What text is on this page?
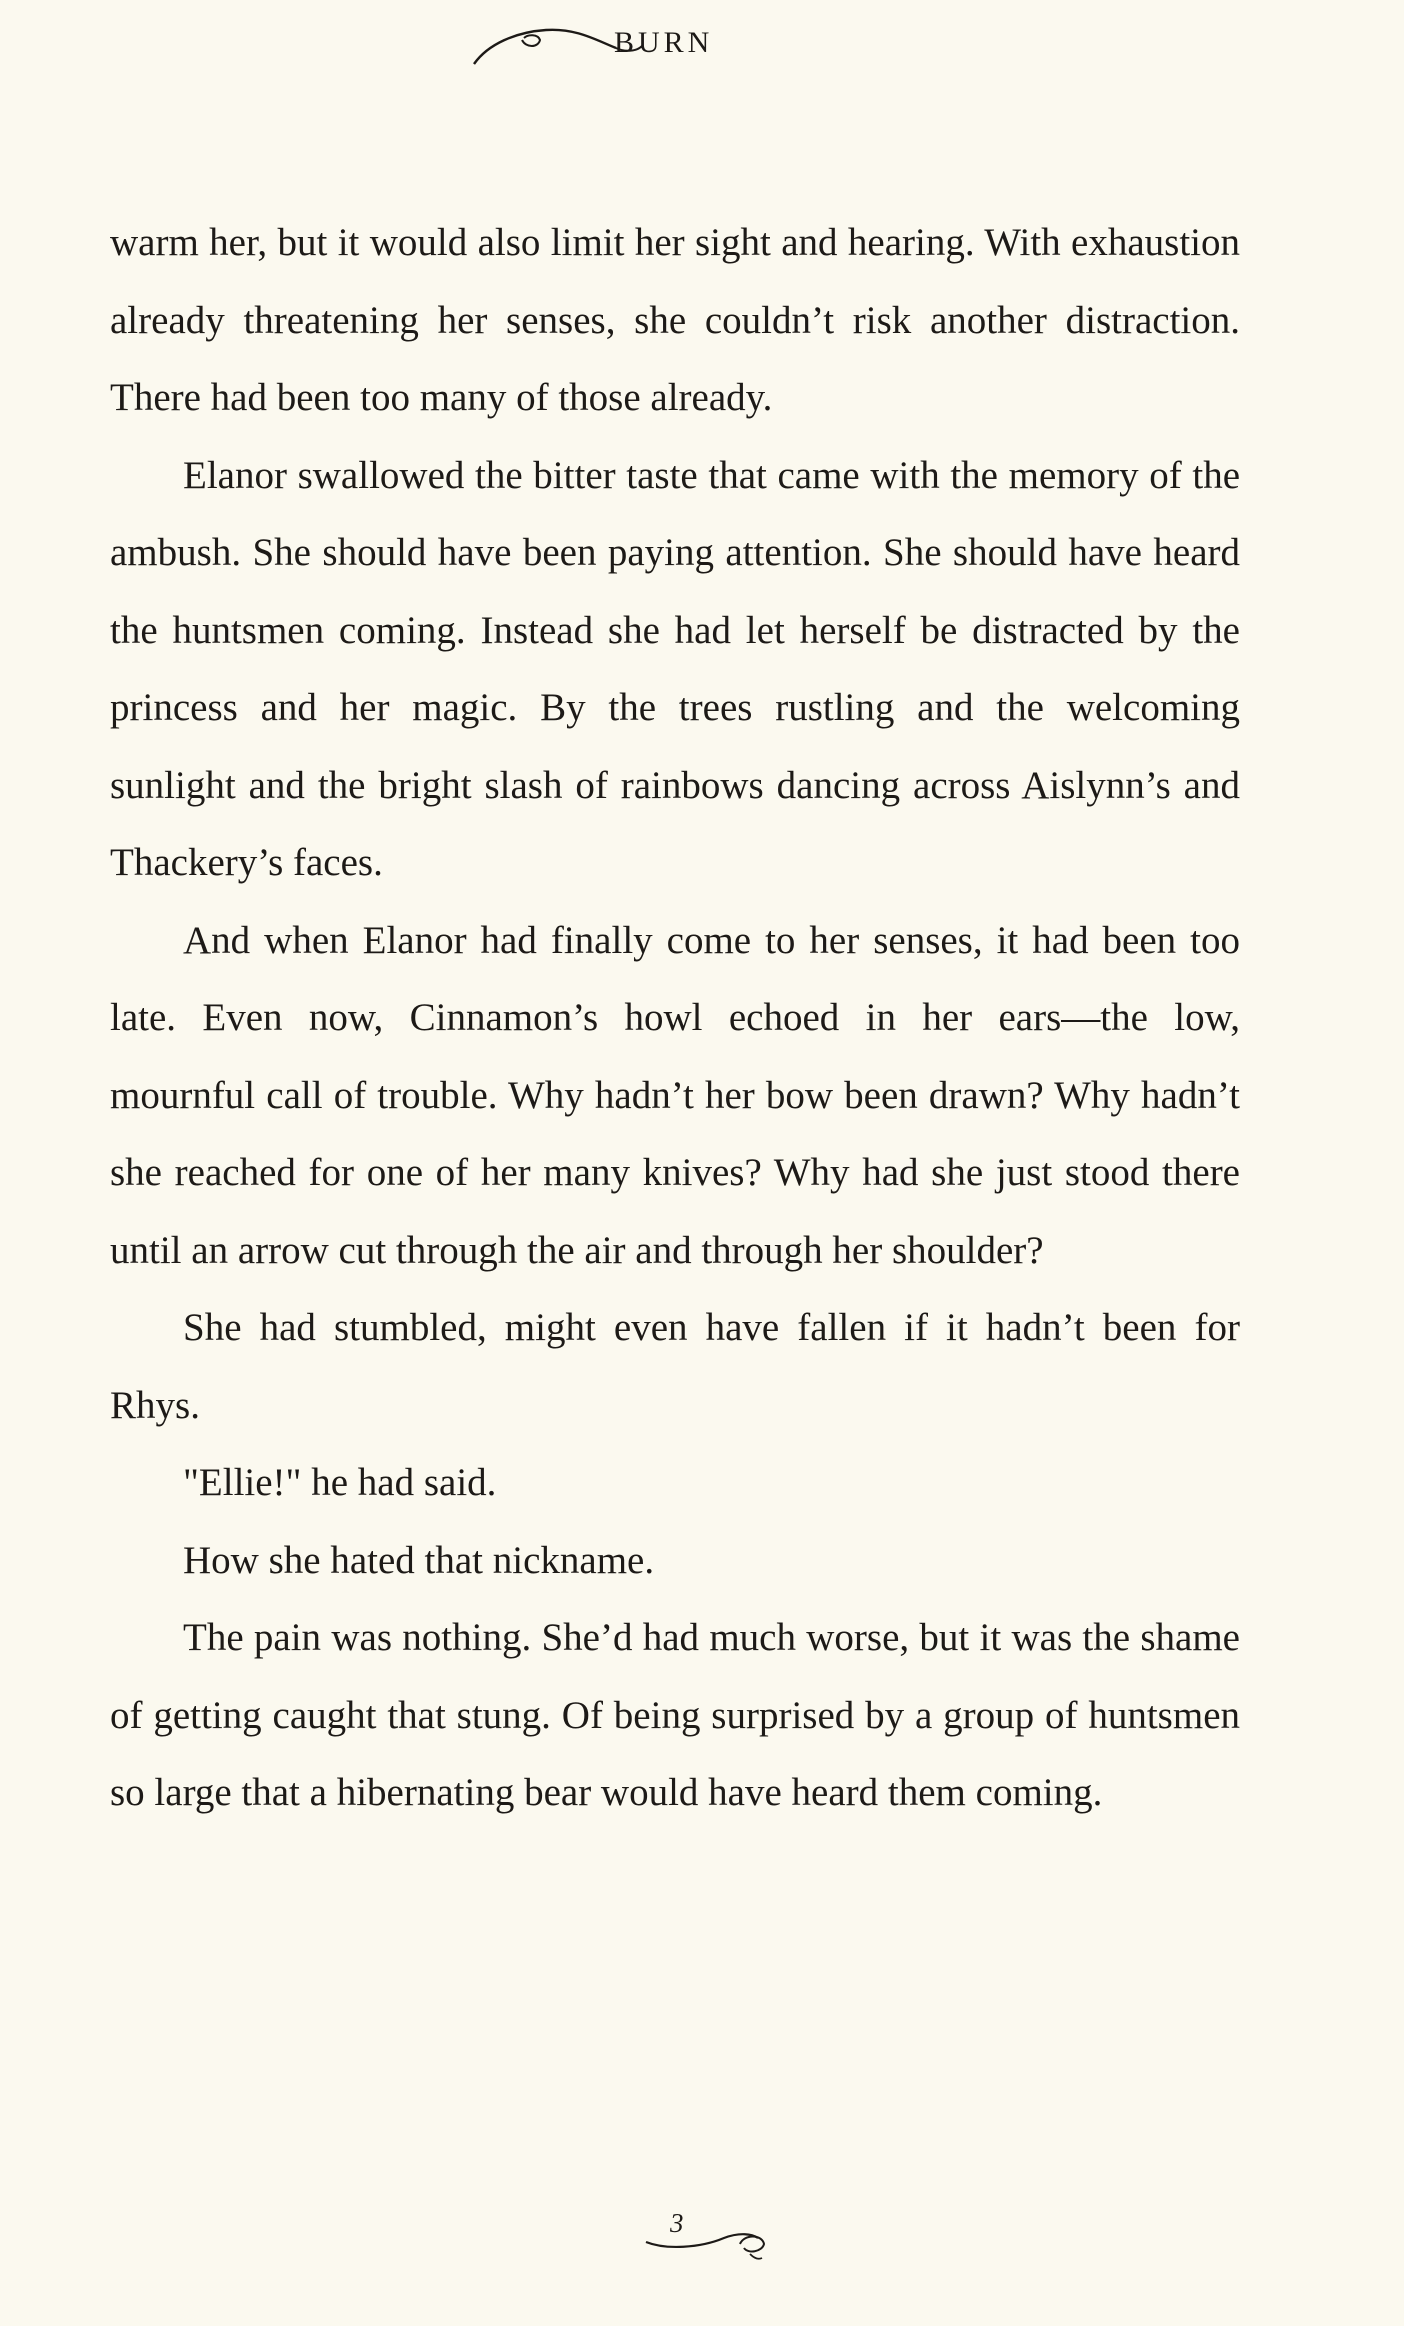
BURN

warm her, but it would also limit her sight and hearing. With exhaustion already threatening her senses, she couldn’t risk another distraction. There had been too many of those already.

Elanor swallowed the bitter taste that came with the memory of the ambush. She should have been paying attention. She should have heard the huntsmen coming. Instead she had let herself be distracted by the princess and her magic. By the trees rustling and the welcoming sunlight and the bright slash of rainbows dancing across Aislynn’s and Thackery’s faces.

And when Elanor had finally come to her senses, it had been too late. Even now, Cinnamon’s howl echoed in her ears—the low, mournful call of trouble. Why hadn’t her bow been drawn? Why hadn’t she reached for one of her many knives? Why had she just stood there until an arrow cut through the air and through her shoulder?

She had stumbled, might even have fallen if it hadn’t been for Rhys.

"Ellie!" he had said.

How she hated that nickname.

The pain was nothing. She’d had much worse, but it was the shame of getting caught that stung. Of being surprised by a group of huntsmen so large that a hibernating bear would have heard them coming.

3
